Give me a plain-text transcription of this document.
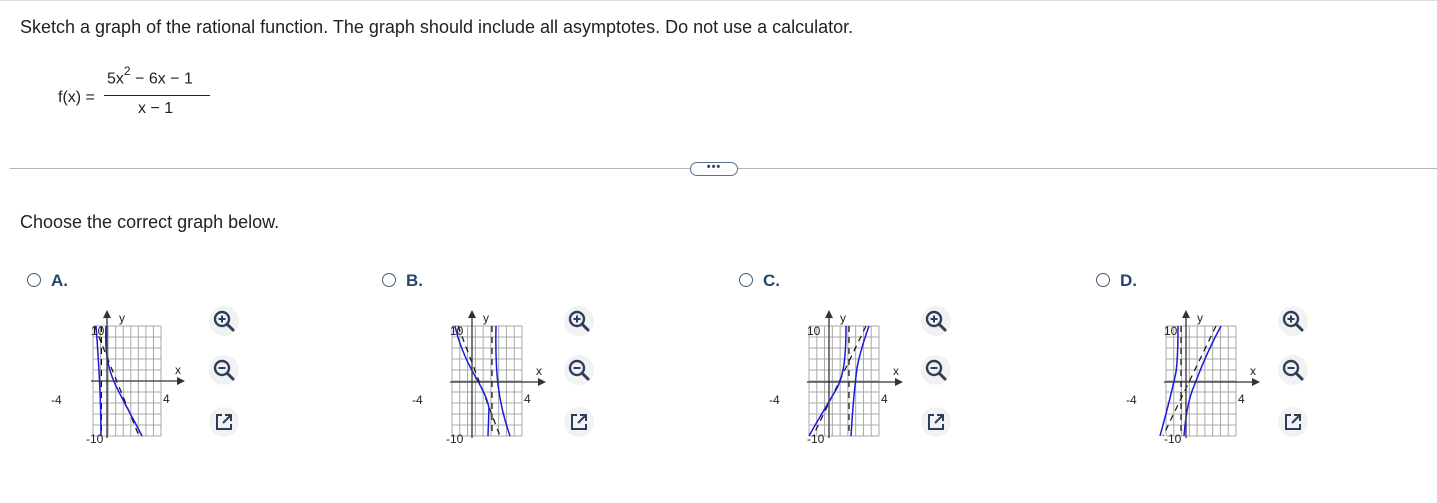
Sketch a graph of the rational function. The graph should include all asymptotes. Do not use a calculator.
f(x) =
$5x^2 - 6x - 1$
x − 1
•••
Choose the correct graph below.
A.
y
x
10
-10
-4	4
B.
y
x
10
-10
-4	4
C.
y
x
10
-10
-4	4
D.
y
x
10
-10
-4	4
